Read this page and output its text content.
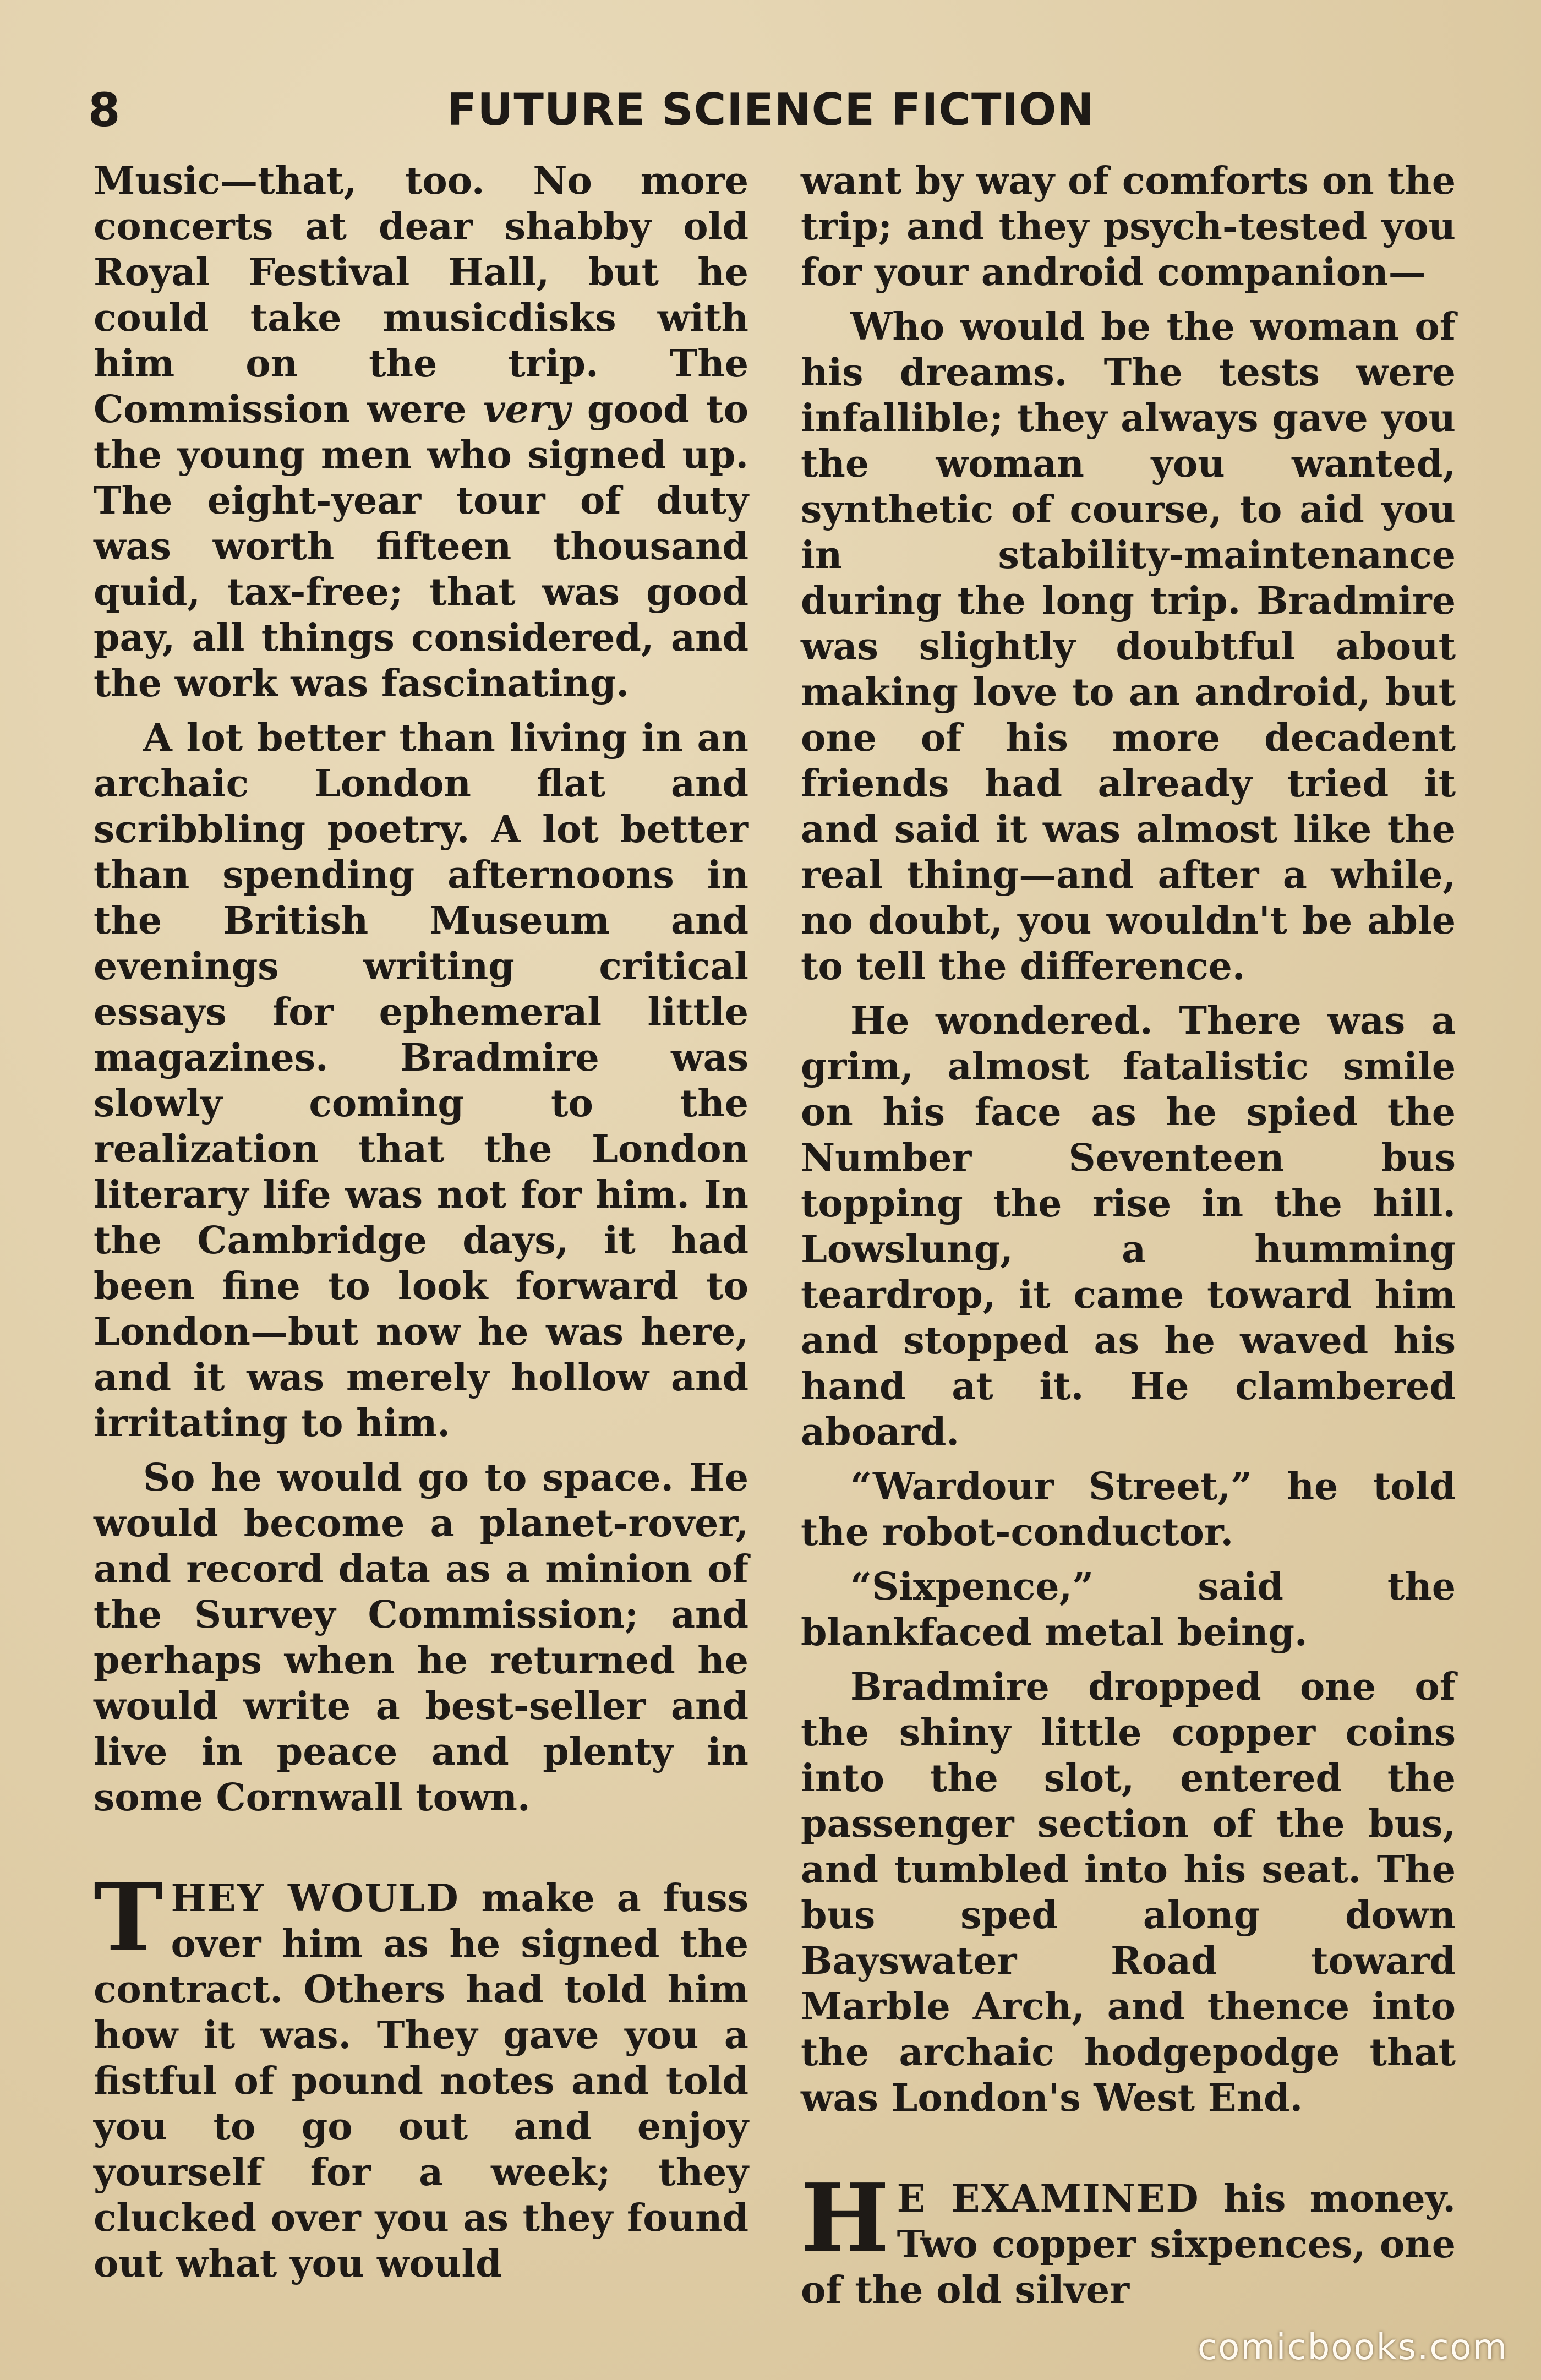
8	FUTURE SCIENCE FICTION

Music—that, too. No more concerts at dear shabby old Royal Festival Hall, but he could take musicdisks with him on the trip. The Commission were very good to the young men who signed up. The eight-year tour of duty was worth fifteen thousand quid, tax-free; that was good pay, all things considered, and the work was fascinating.

A lot better than living in an archaic London flat and scribbling poetry. A lot better than spending afternoons in the British Museum and evenings writing critical essays for ephemeral little magazines. Bradmire was slowly coming to the realization that the London literary life was not for him. In the Cambridge days, it had been fine to look forward to London—but now he was here, and it was merely hollow and irritating to him.

So he would go to space. He would become a planet-rover, and record data as a minion of the Survey Commission; and perhaps when he returned he would write a best-seller and live in peace and plenty in some Cornwall town.

THEY WOULD make a fuss over him as he signed the contract. Others had told him how it was. They gave you a fistful of pound notes and told you to go out and enjoy yourself for a week; they clucked over you as they found out what you would

want by way of comforts on the trip; and they psych-tested you for your android companion—

Who would be the woman of his dreams. The tests were infallible; they always gave you the woman you wanted, synthetic of course, to aid you in stability-maintenance during the long trip. Bradmire was slightly doubtful about making love to an android, but one of his more decadent friends had already tried it and said it was almost like the real thing—and after a while, no doubt, you wouldn't be able to tell the difference.

He wondered. There was a grim, almost fatalistic smile on his face as he spied the Number Seventeen bus topping the rise in the hill. Lowslung, a humming teardrop, it came toward him and stopped as he waved his hand at it. He clambered aboard.

“Wardour Street,” he told the robot-conductor.

“Sixpence,” said the blankfaced metal being.

Bradmire dropped one of the shiny little copper coins into the slot, entered the passenger section of the bus, and tumbled into his seat. The bus sped along down Bayswater Road toward Marble Arch, and thence into the archaic hodgepodge that was London's West End.

H E EXAMINED his money. Two copper sixpences, one of the old silver

comicbooks.com
